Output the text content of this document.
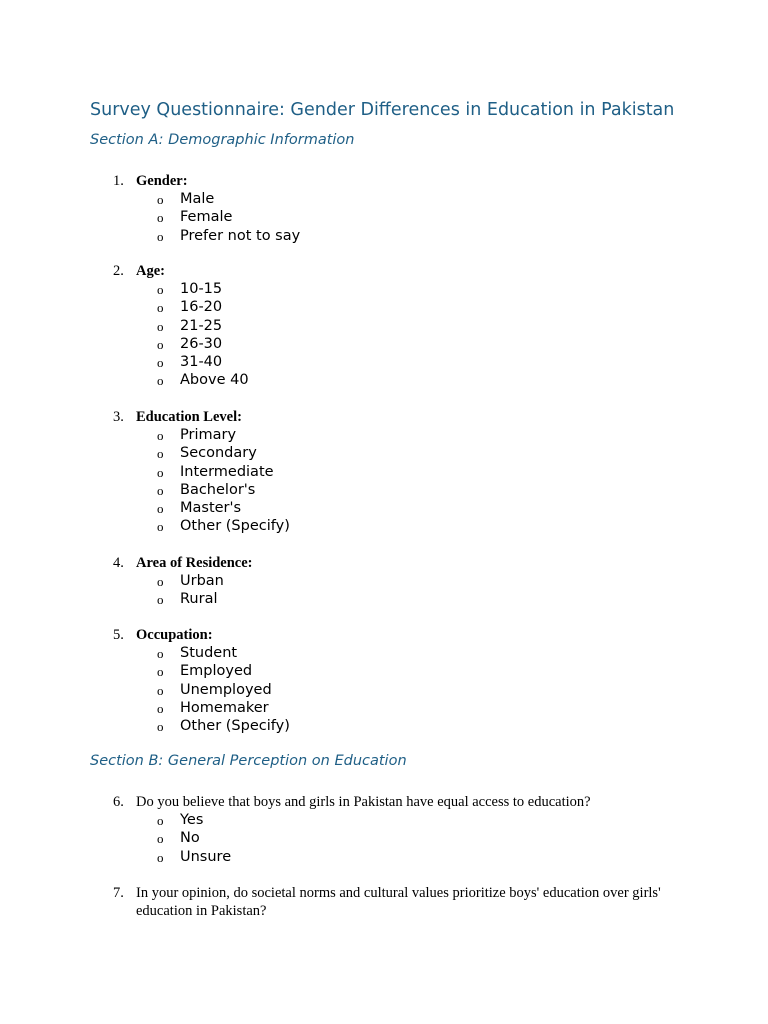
Survey Questionnaire: Gender Differences in Education in Pakistan
Section A: Demographic Information
1. Gender:
o Male
o Female
o Prefer not to say
2. Age:
o 10-15
o 16-20
o 21-25
o 26-30
o 31-40
o Above 40
3. Education Level:
o Primary
o Secondary
o Intermediate
o Bachelor's
o Master's
o Other (Specify)
4. Area of Residence:
o Urban
o Rural
5. Occupation:
o Student
o Employed
o Unemployed
o Homemaker
o Other (Specify)
Section B: General Perception on Education
6. Do you believe that boys and girls in Pakistan have equal access to education?
o Yes
o No
o Unsure
7. In your opinion, do societal norms and cultural values prioritize boys' education over girls' education in Pakistan?
